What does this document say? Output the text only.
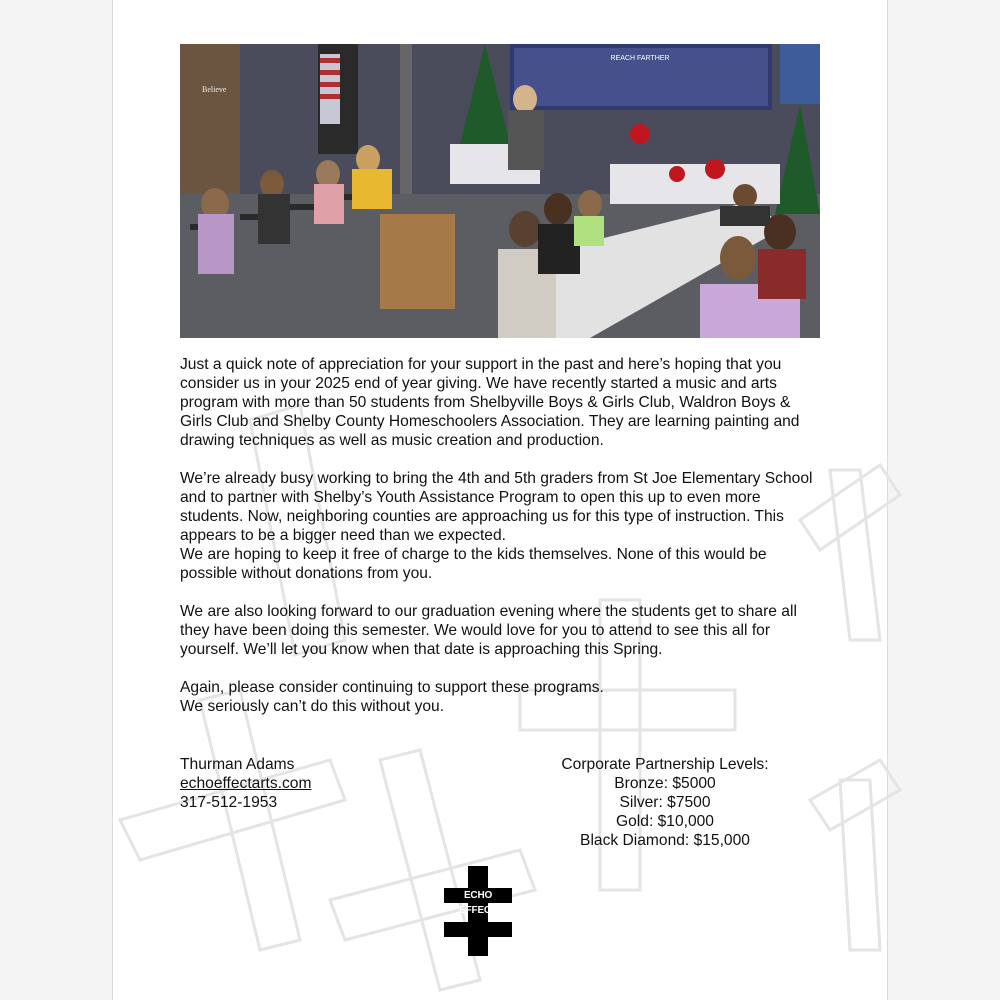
REACH FARTHER
Believe

Just a quick note of appreciation for your support in the past and here’s hoping that you consider us in your 2025 end of year giving. We have recently started a music and arts program with more than 50 students from Shelbyville Boys & Girls Club, Waldron Boys & Girls Club and Shelby County Homeschoolers Association. They are learning painting and drawing techniques as well as music creation and production.

We’re already busy working to bring the 4th and 5th graders from St Joe Elementary School and to partner with Shelby’s Youth Assistance Program to open this up to even more students. Now, neighboring counties are approaching us for this type of instruction. This appears to be a bigger need than we expected.
We are hoping to keep it free of charge to the kids themselves. None of this would be possible without donations from you.

We are also looking forward to our graduation evening where the students get to share all they have been doing this semester. We would love for you to attend to see this all for yourself. We’ll let you know when that date is approaching this Spring.

Again, please consider continuing to support these programs.
We seriously can’t do this without you.

Thurman Adams
echoeffectarts.com
317-512-1953
Corporate Partnership Levels:
Bronze: $5000
Silver: $7500
Gold: $10,000
Black Diamond: $15,000
ECHO EFFECT
